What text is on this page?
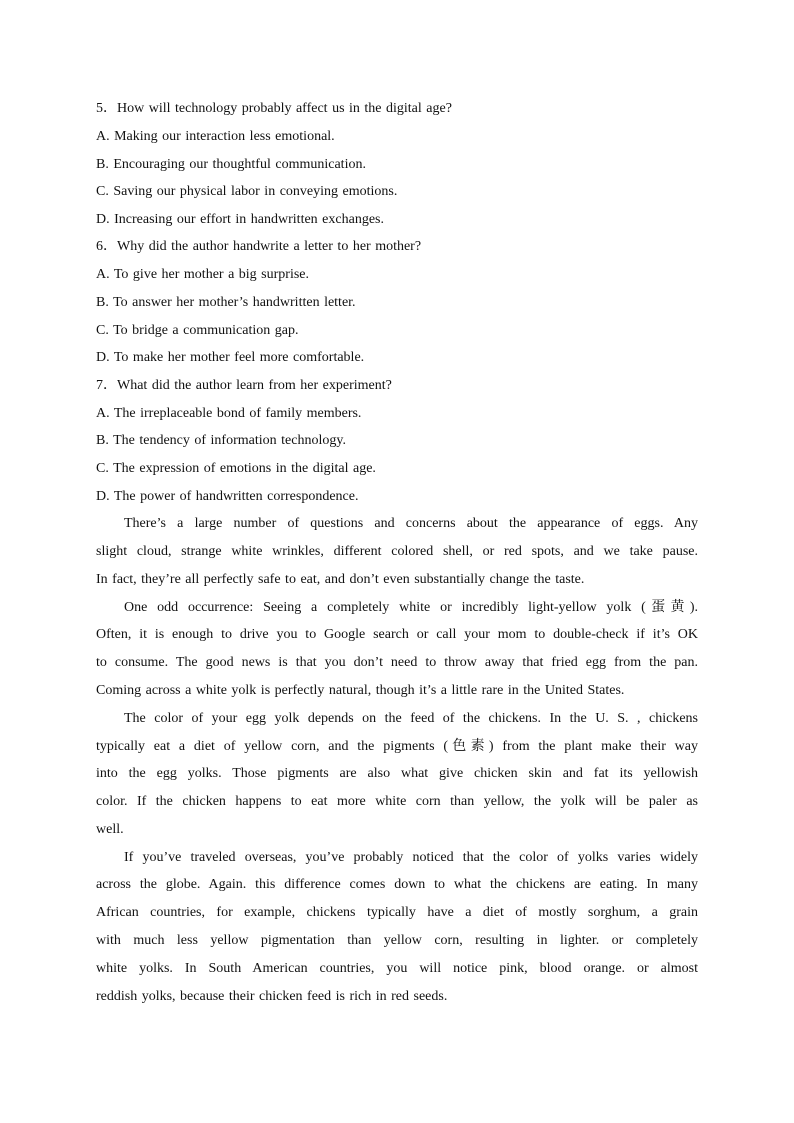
5．How will technology probably affect us in the digital age?
A. Making our interaction less emotional.
B. Encouraging our thoughtful communication.
C. Saving our physical labor in conveying emotions.
D. Increasing our effort in handwritten exchanges.
6．Why did the author handwrite a letter to her mother?
A. To give her mother a big surprise.
B. To answer her mother’s handwritten letter.
C. To bridge a communication gap.
D. To make her mother feel more comfortable.
7．What did the author learn from her experiment?
A. The irreplaceable bond of family members.
B. The tendency of information technology.
C. The expression of emotions in the digital age.
D. The power of handwritten correspondence.

There’s a large number of questions and concerns about the appearance of eggs. Any
slight cloud, strange white wrinkles, different colored shell, or red spots, and we take pause.
In fact, they’re all perfectly safe to eat, and don’t even substantially change the taste.

One odd occurrence: Seeing a completely white or incredibly light-yellow yolk (蛋黄).
Often, it is enough to drive you to Google search or call your mom to double-check if it’s OK
to consume. The good news is that you don’t need to throw away that fried egg from the pan.
Coming across a white yolk is perfectly natural, though it’s a little rare in the United States.

The color of your egg yolk depends on the feed of the chickens. In the U. S. , chickens
typically eat a diet of yellow corn, and the pigments (色素) from the plant make their way
into the egg yolks. Those pigments are also what give chicken skin and fat its yellowish
color. If the chicken happens to eat more white corn than yellow, the yolk will be paler as
well.

If you’ve traveled overseas, you’ve probably noticed that the color of yolks varies widely
across the globe. Again. this difference comes down to what the chickens are eating. In many
African countries, for example, chickens typically have a diet of mostly sorghum, a grain
with much less yellow pigmentation than yellow corn, resulting in lighter. or completely
white yolks. In South American countries, you will notice pink, blood orange. or almost
reddish yolks, because their chicken feed is rich in red seeds.
